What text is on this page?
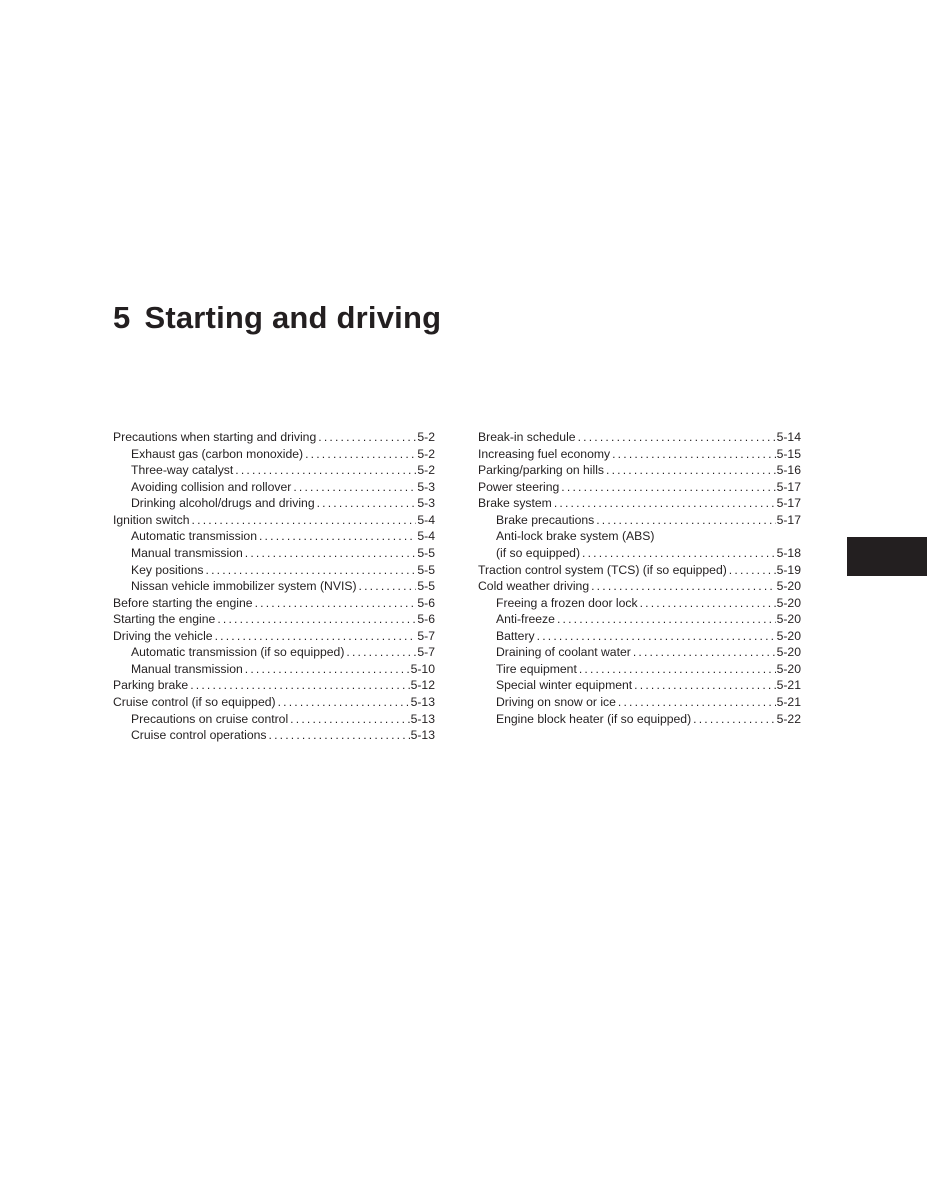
5 Starting and driving
Precautions when starting and driving . . .	5-2
Exhaust gas (carbon monoxide) . . .	5-2
Three-way catalyst . . .	5-2
Avoiding collision and rollover . . .	5-3
Drinking alcohol/drugs and driving . . .	5-3
Ignition switch . . .	5-4
Automatic transmission . . .	5-4
Manual transmission . . .	5-5
Key positions . . .	5-5
Nissan vehicle immobilizer system (NVIS) . . .	5-5
Before starting the engine . . .	5-6
Starting the engine . . .	5-6
Driving the vehicle . . .	5-7
Automatic transmission (if so equipped) . . .	5-7
Manual transmission . . .	5-10
Parking brake . . .	5-12
Cruise control (if so equipped) . . .	5-13
Precautions on cruise control . . .	5-13
Cruise control operations . . .	5-13
Break-in schedule . . .	5-14
Increasing fuel economy . . .	5-15
Parking/parking on hills . . .	5-16
Power steering . . .	5-17
Brake system . . .	5-17
Brake precautions . . .	5-17
Anti-lock brake system (ABS)
(if so equipped) . . .	5-18
Traction control system (TCS) (if so equipped) . . .	5-19
Cold weather driving . . .	5-20
Freeing a frozen door lock . . .	5-20
Anti-freeze . . .	5-20
Battery . . .	5-20
Draining of coolant water . . .	5-20
Tire equipment . . .	5-20
Special winter equipment . . .	5-21
Driving on snow or ice . . .	5-21
Engine block heater (if so equipped) . . .	5-22
